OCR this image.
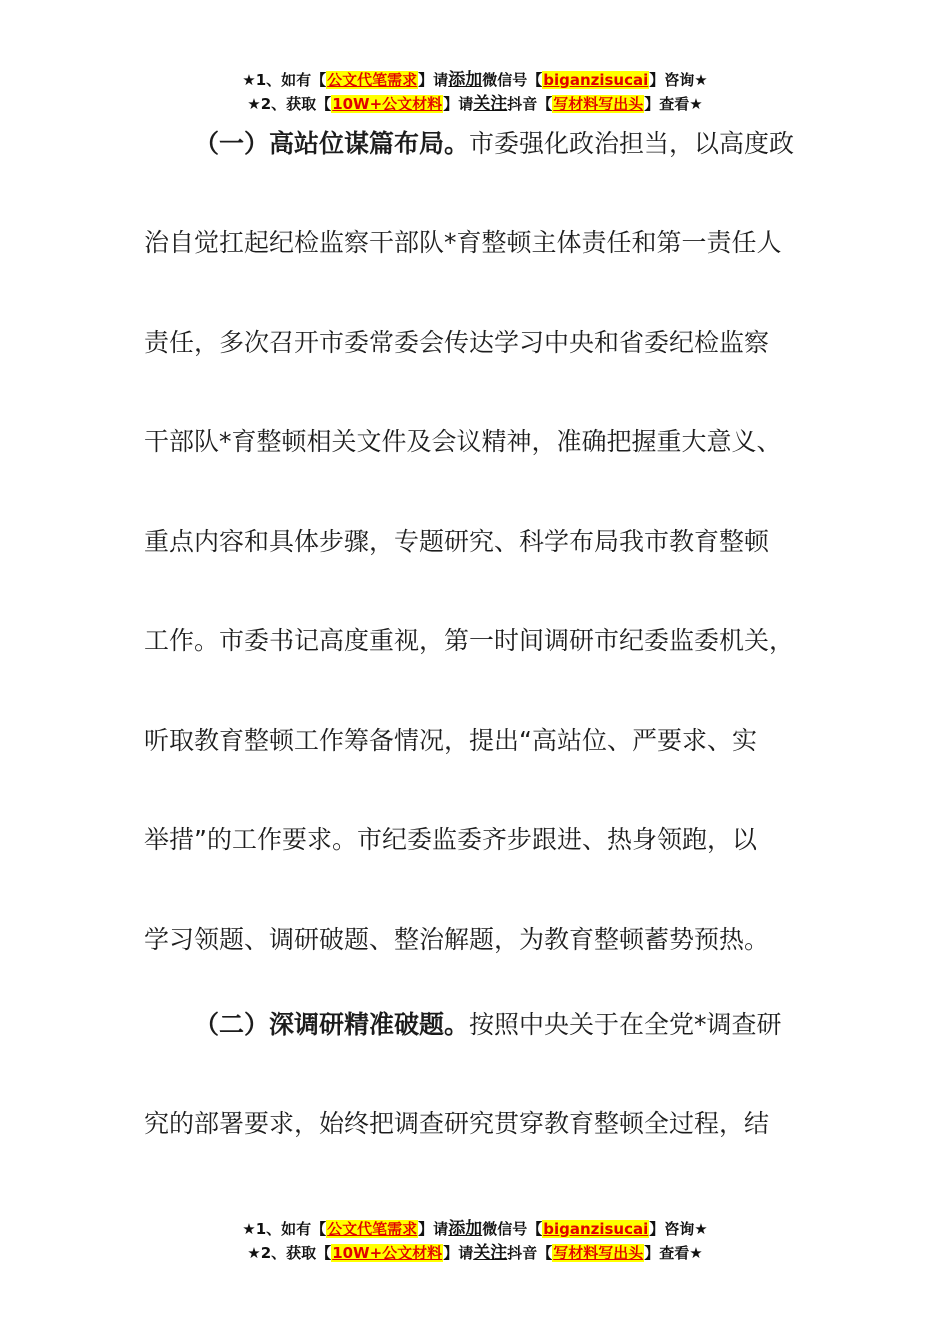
★1、如有【公文代笔需求】请添加微信号【biganzisucai】咨询★
★2、获取【10W+公文材料】请关注抖音【写材料写出头】查看★
（一）高站位谋篇布局。市委强化政治担当，以高度政
治自觉扛起纪检监察干部队*育整顿主体责任和第一责任人
责任，多次召开市委常委会传达学习中央和省委纪检监察
干部队*育整顿相关文件及会议精神，准确把握重大意义、
重点内容和具体步骤，专题研究、科学布局我市教育整顿
工作。市委书记高度重视，第一时间调研市纪委监委机关，
听取教育整顿工作筹备情况，提出“高站位、严要求、实
举措”的工作要求。市纪委监委齐步跟进、热身领跑，以
学习领题、调研破题、整治解题，为教育整顿蓄势预热。
（二）深调研精准破题。按照中央关于在全党*调查研
究的部署要求，始终把调查研究贯穿教育整顿全过程，结
★1、如有【公文代笔需求】请添加微信号【biganzisucai】咨询★
★2、获取【10W+公文材料】请关注抖音【写材料写出头】查看★
